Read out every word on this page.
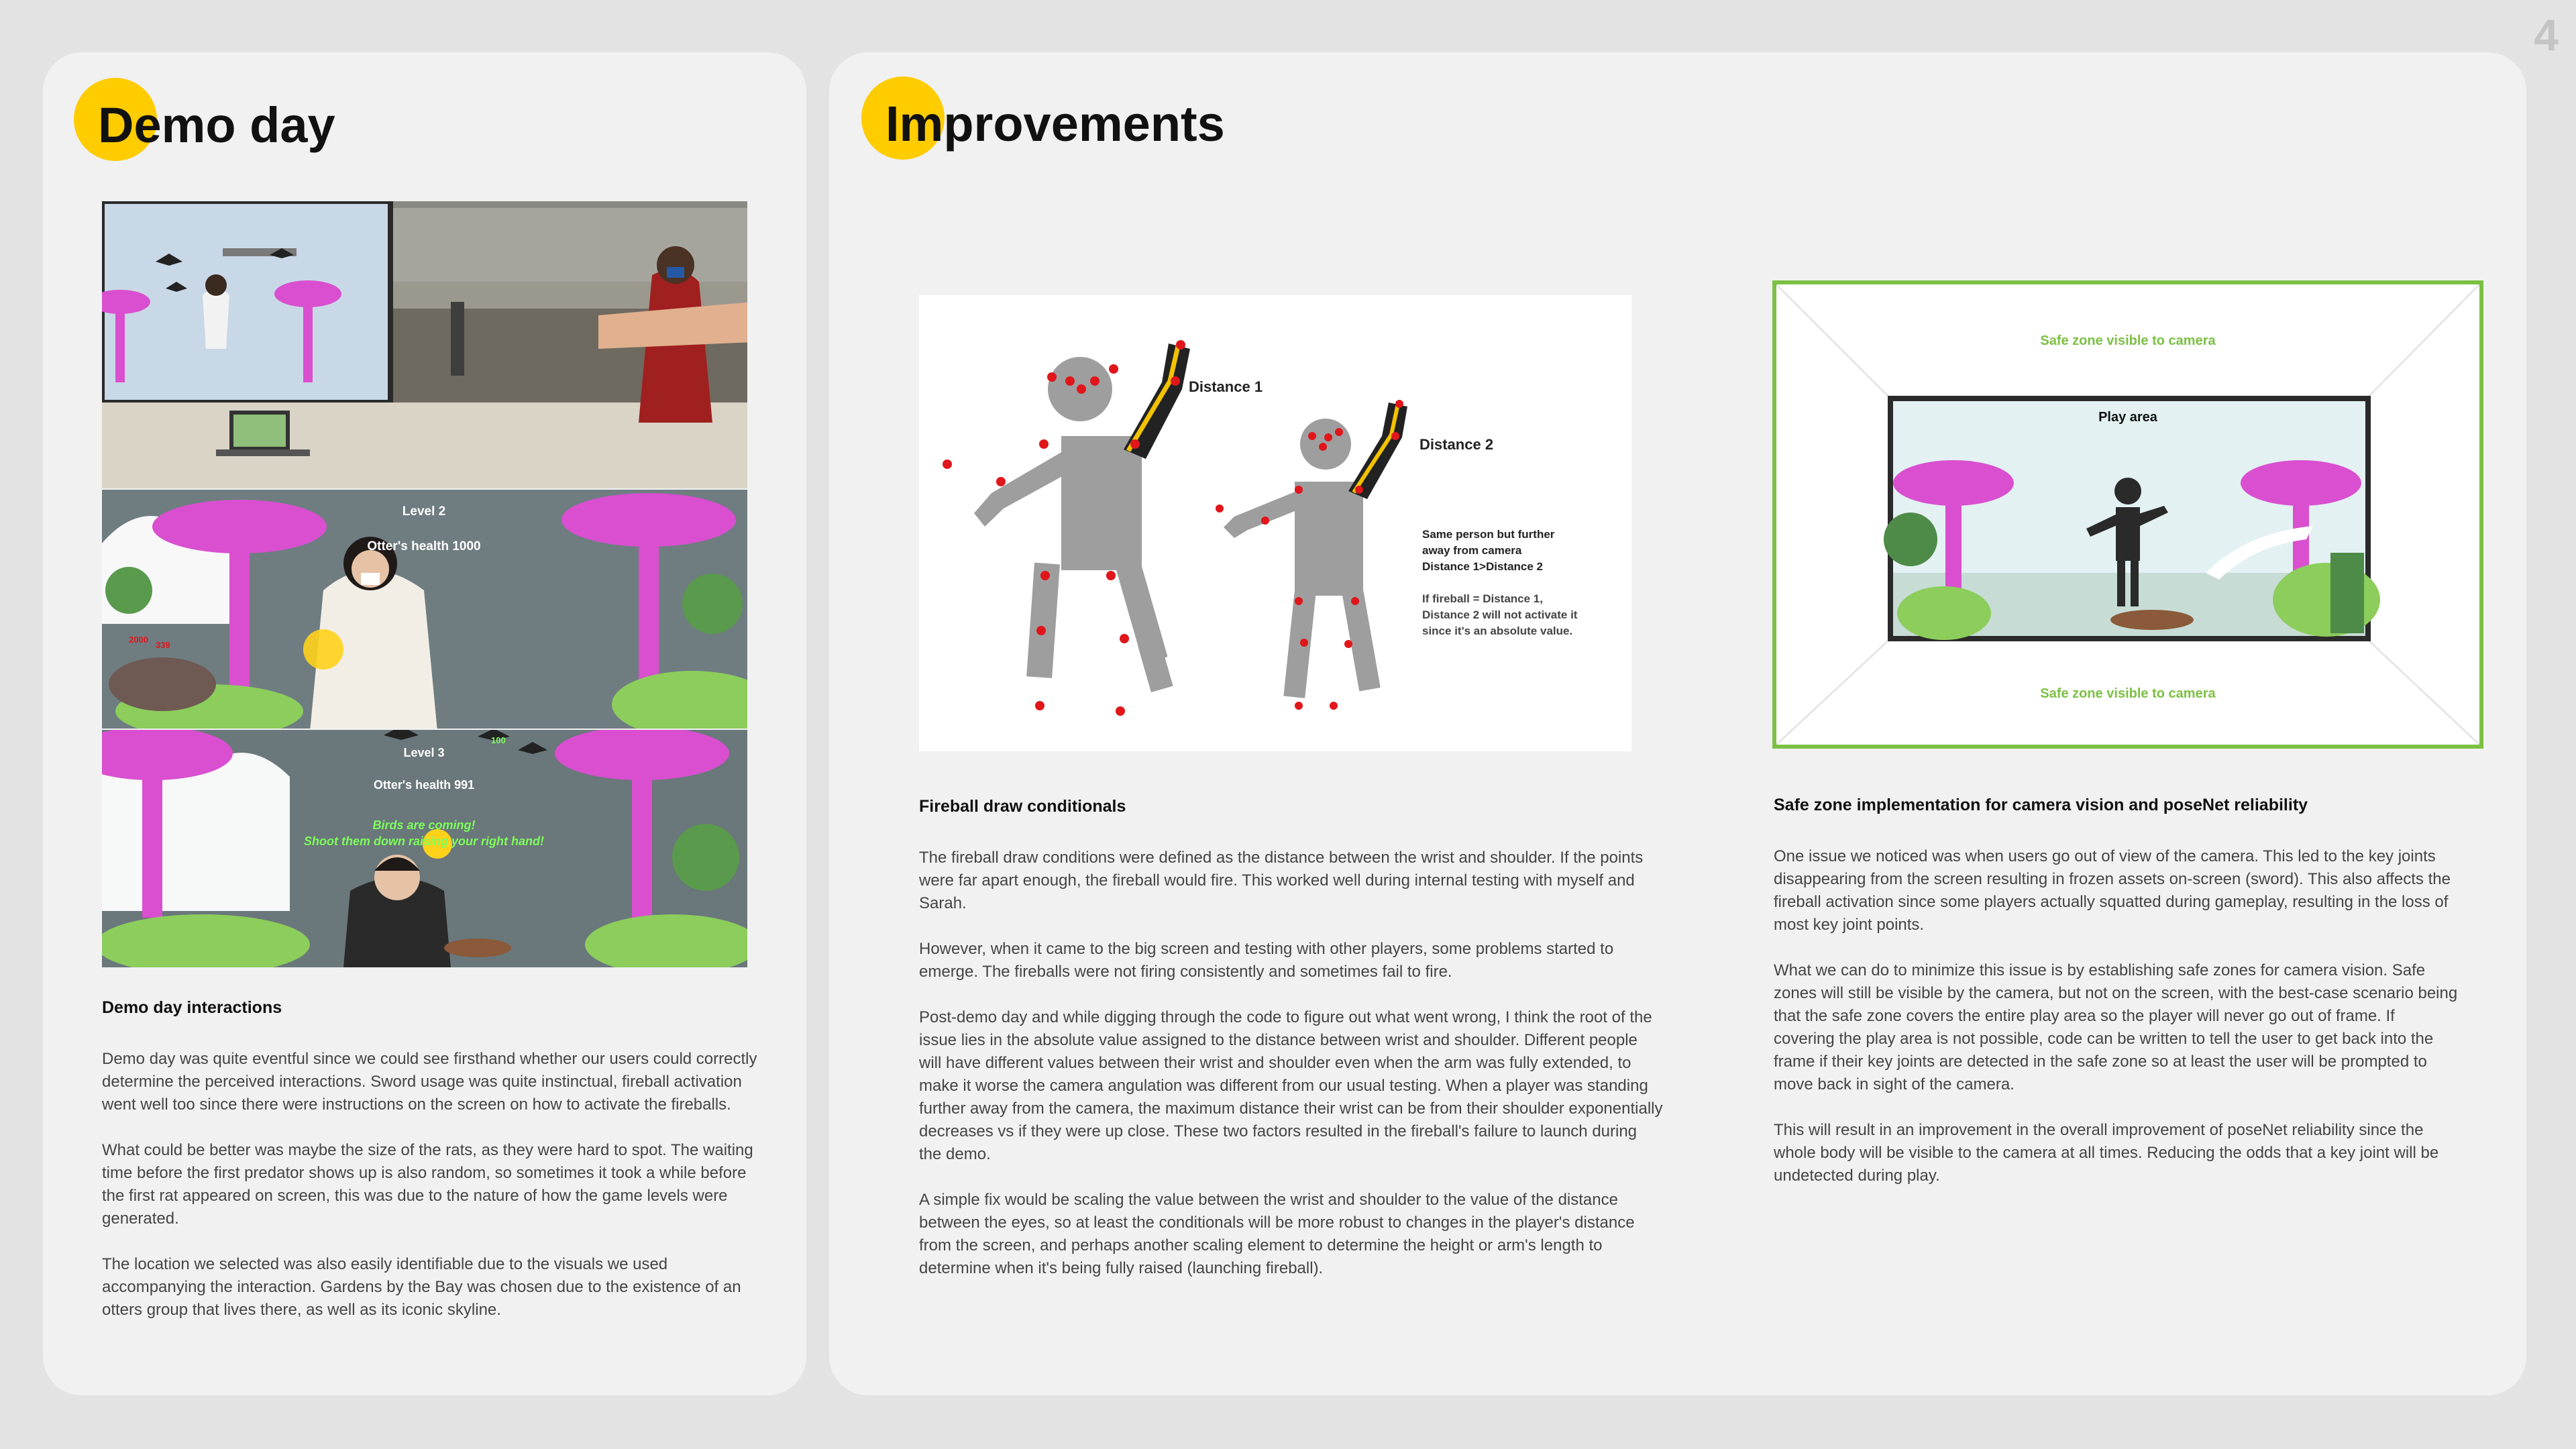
4
Demo day
Level 2
Otter's health 1000
2000
339
Level 3
Otter's health 991
Birds are coming!
Shoot them down raising your right hand!
100
Demo day interactions

Demo day was quite eventful since we could see firsthand whether our users could correctly determine the perceived interactions. Sword usage was quite instinctual, fireball activation went well too since there were instructions on the screen on how to activate the fireballs.

What could be better was maybe the size of the rats, as they were hard to spot. The waiting time before the first predator shows up is also random, so sometimes it took a while before the first rat appeared on screen, this was due to the nature of how the game levels were generated.

The location we selected was also easily identifiable due to the visuals we used accompanying the interaction. Gardens by the Bay was chosen due to the existence of an otters group that lives there, as well as its iconic skyline.

Improvements
Distance 1
Distance 2
Same person but further
away from camera
Distance 1>Distance 2
If fireball = Distance 1,
Distance 2 will not activate it
since it's an absolute value.
Safe zone visible to camera
Play area
Safe zone visible to camera
Fireball draw conditionals

The fireball draw conditions were defined as the distance between the wrist and shoulder. If the points were far apart enough, the fireball would fire. This worked well during internal testing with myself and Sarah.

However, when it came to the big screen and testing with other players, some problems started to emerge. The fireballs were not firing consistently and sometimes fail to fire.

Post-demo day and while digging through the code to figure out what went wrong, I think the root of the issue lies in the absolute value assigned to the distance between wrist and shoulder. Different people will have different values between their wrist and shoulder even when the arm was fully extended, to make it worse the camera angulation was different from our usual testing. When a player was standing further away from the camera, the maximum distance their wrist can be from their shoulder exponentially decreases vs if they were up close. These two factors resulted in the fireball's failure to launch during the demo.

A simple fix would be scaling the value between the wrist and shoulder to the value of the distance between the eyes, so at least the conditionals will be more robust to changes in the player's distance from the screen, and perhaps another scaling element to determine the height or arm's length to determine when it's being fully raised (launching fireball).

Safe zone implementation for camera vision and poseNet reliability

One issue we noticed was when users go out of view of the camera. This led to the key joints disappearing from the screen resulting in frozen assets on-screen (sword). This also affects the fireball activation since some players actually squatted during gameplay, resulting in the loss of most key joint points.

What we can do to minimize this issue is by establishing safe zones for camera vision. Safe zones will still be visible by the camera, but not on the screen, with the best-case scenario being that the safe zone covers the entire play area so the player will never go out of frame. If covering the play area is not possible, code can be written to tell the user to get back into the frame if their key joints are detected in the safe zone so at least the user will be prompted to move back in sight of the camera.

This will result in an improvement in the overall improvement of poseNet reliability since the whole body will be visible to the camera at all times. Reducing the odds that a key joint will be undetected during play.
